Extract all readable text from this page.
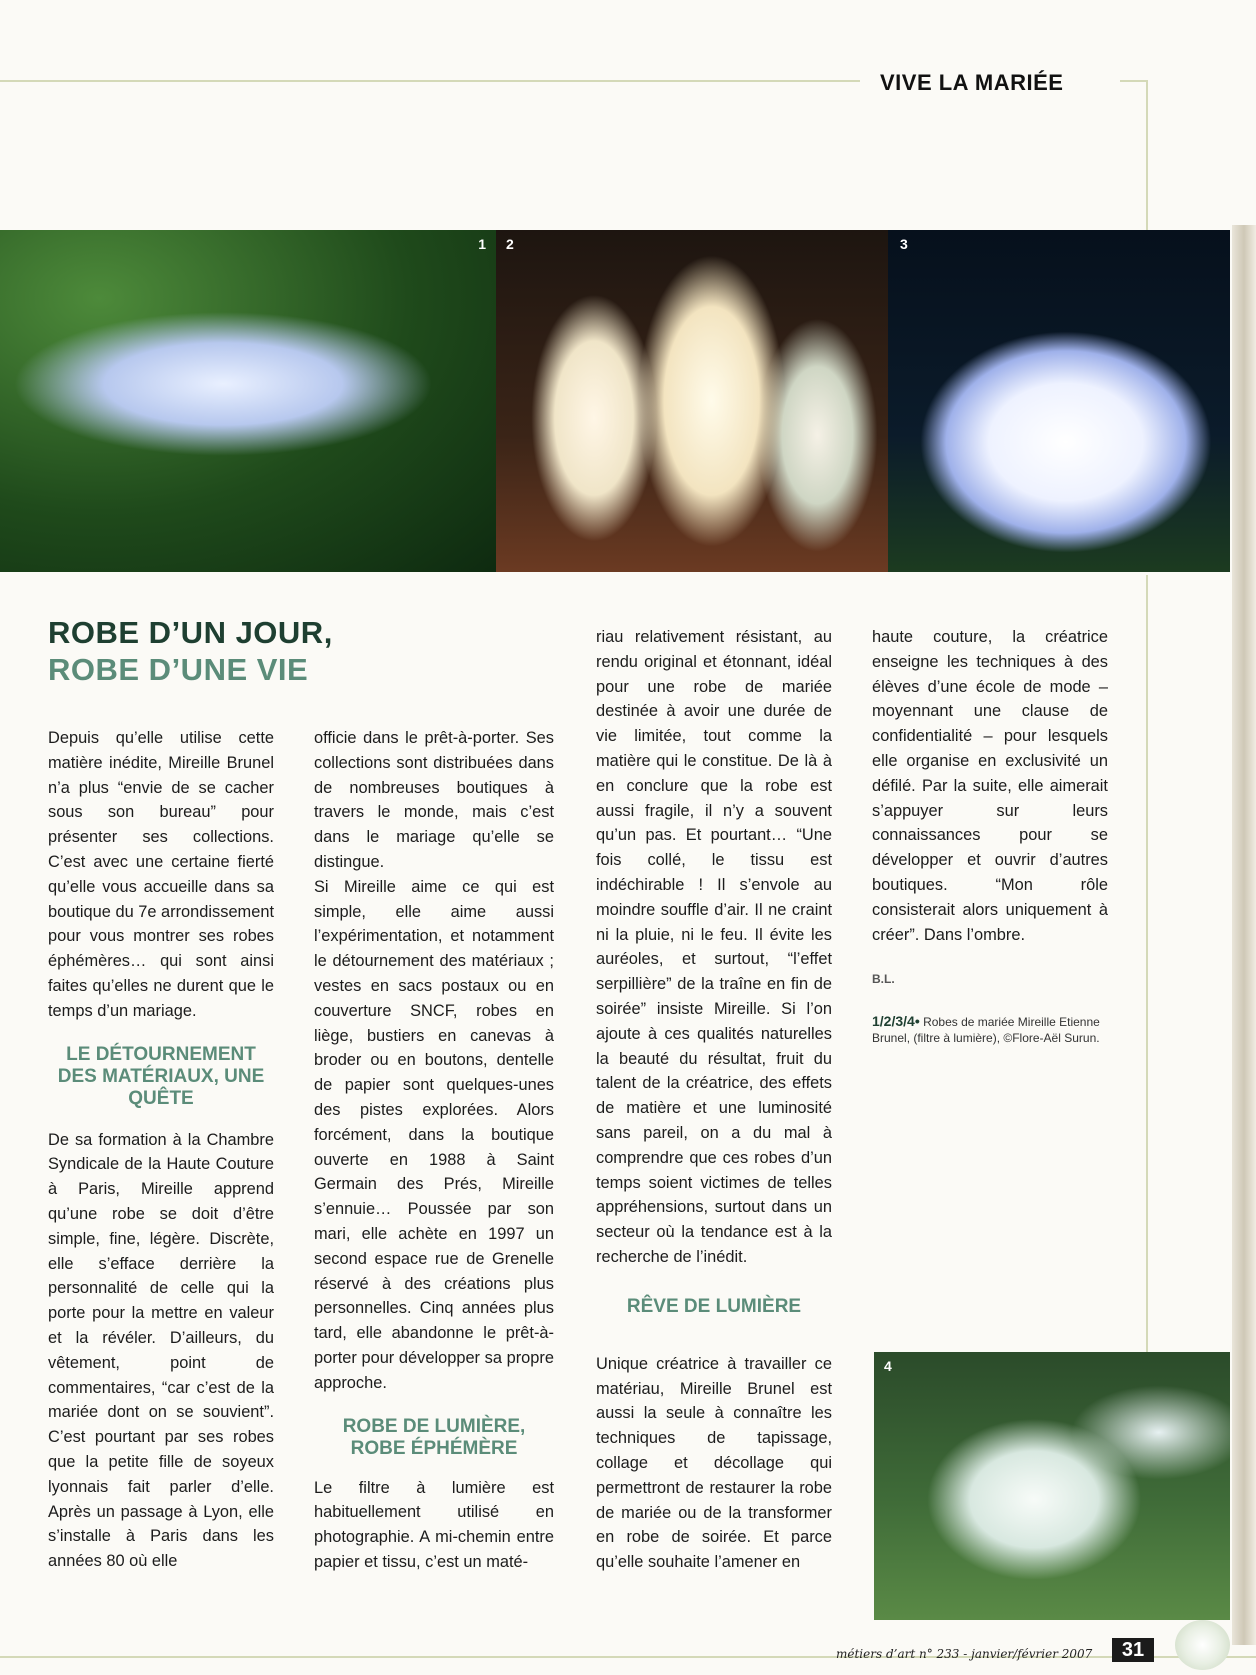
VIVE LA MARIÉE
1 2	3
4
ROBE D’UN JOUR,
ROBE D’UNE VIE

Depuis qu’elle utilise cette matière inédite, Mireille Brunel n’a plus “envie de se cacher sous son bureau” pour présenter ses collections. C’est avec une certaine fierté qu’elle vous accueille dans sa boutique du 7e arrondissement pour vous montrer ses robes éphémères… qui sont ainsi faites qu’elles ne durent que le temps d’un mariage.

LE DÉTOURNEMENT DES MATÉRIAUX, UNE QUÊTE

De sa formation à la Chambre Syndicale de la Haute Couture à Paris, Mireille apprend qu’une robe se doit d’être simple, fine, légère. Discrète, elle s’efface derrière la personnalité de celle qui la porte pour la mettre en valeur et la révéler. D’ailleurs, du vêtement, point de commentaires, “car c’est de la mariée dont on se souvient”. C’est pourtant par ses robes que la petite fille de soyeux lyonnais fait parler d’elle. Après un passage à Lyon, elle s’installe à Paris dans les années 80 où elle

officie dans le prêt-à-porter. Ses collections sont distribuées dans de nombreuses boutiques à travers le monde, mais c’est dans le mariage qu’elle se distingue.

Si Mireille aime ce qui est simple, elle aime aussi l’expérimentation, et notamment le détournement des matériaux ; vestes en sacs postaux ou en couverture SNCF, robes en liège, bustiers en canevas à broder ou en boutons, dentelle de papier sont quelques-unes des pistes explorées. Alors forcément, dans la boutique ouverte en 1988 à Saint Germain des Prés, Mireille s’ennuie… Poussée par son mari, elle achète en 1997 un second espace rue de Grenelle réservé à des créations plus personnelles. Cinq années plus tard, elle abandonne le prêt-à-porter pour développer sa propre approche.

ROBE DE LUMIÈRE, ROBE ÉPHÉMÈRE

Le filtre à lumière est habituellement utilisé en photographie. A mi-chemin entre papier et tissu, c’est un maté-

riau relativement résistant, au rendu original et étonnant, idéal pour une robe de mariée destinée à avoir une durée de vie limitée, tout comme la matière qui le constitue. De là à en conclure que la robe est aussi fragile, il n’y a souvent qu’un pas. Et pourtant… “Une fois collé, le tissu est indéchirable ! Il s’envole au moindre souffle d’air. Il ne craint ni la pluie, ni le feu. Il évite les auréoles, et surtout, “l’effet serpillière” de la traîne en fin de soirée” insiste Mireille. Si l’on ajoute à ces qualités naturelles la beauté du résultat, fruit du talent de la créatrice, des effets de matière et une luminosité sans pareil, on a du mal à comprendre que ces robes d’un temps soient victimes de telles appréhensions, surtout dans un secteur où la tendance est à la recherche de l’inédit.

RÊVE DE LUMIÈRE

Unique créatrice à travailler ce matériau, Mireille Brunel est aussi la seule à connaître les techniques de tapissage, collage et décollage qui permettront de restaurer la robe de mariée ou de la transformer en robe de soirée. Et parce qu’elle souhaite l’amener en

haute couture, la créatrice enseigne les techniques à des élèves d’une école de mode – moyennant une clause de confidentialité – pour lesquels elle organise en exclusivité un défilé. Par la suite, elle aimerait s’appuyer sur leurs connaissances pour se développer et ouvrir d’autres boutiques. “Mon rôle consisterait alors uniquement à créer”. Dans l’ombre.

B.L.
1/2/3/4• Robes de mariée Mireille Etienne Brunel, (filtre à lumière), ©Flore-Aël Surun.
métiers d’art n° 233 - janvier/février 2007	31
